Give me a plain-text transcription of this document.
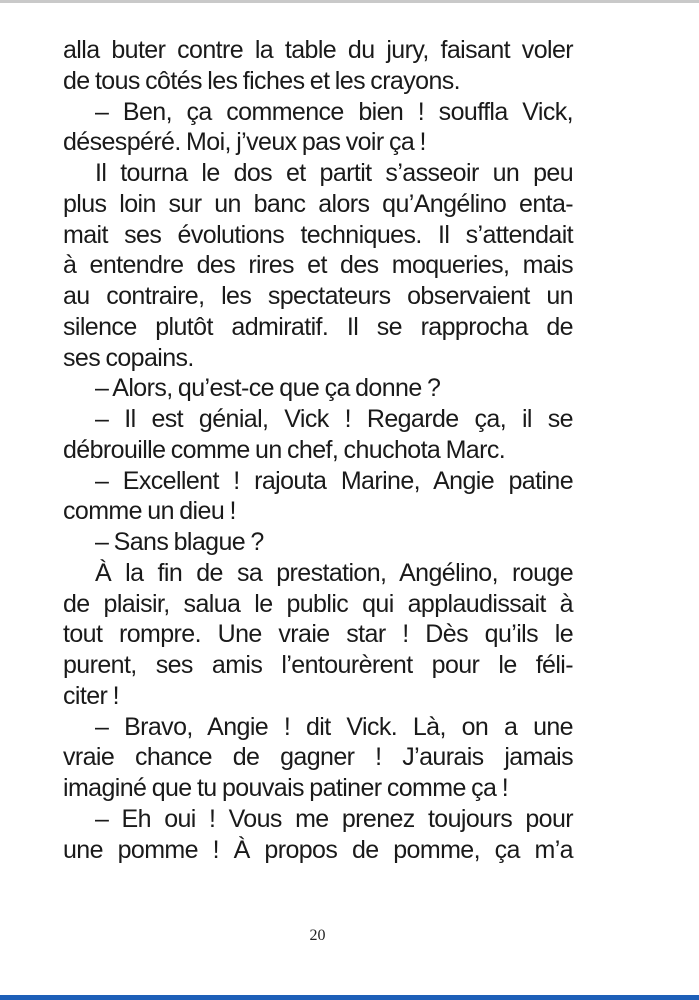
alla buter contre la table du jury, faisant voler
de tous côtés les fiches et les crayons.
– Ben, ça commence bien ! souffla Vick,
désespéré. Moi, j’veux pas voir ça !
Il tourna le dos et partit s’asseoir un peu
plus loin sur un banc alors qu’Angélino enta-
mait ses évolutions techniques. Il s’attendait
à entendre des rires et des moqueries, mais
au contraire, les spectateurs observaient un
silence plutôt admiratif. Il se rapprocha de
ses copains.
– Alors, qu’est-ce que ça donne ?
– Il est génial, Vick ! Regarde ça, il se
débrouille comme un chef, chuchota Marc.
– Excellent ! rajouta Marine, Angie patine
comme un dieu !
– Sans blague ?
À la fin de sa prestation, Angélino, rouge
de plaisir, salua le public qui applaudissait à
tout rompre. Une vraie star ! Dès qu’ils le
purent, ses amis l’entourèrent pour le féli-
citer !
– Bravo, Angie ! dit Vick. Là, on a une
vraie chance de gagner ! J’aurais jamais
imaginé que tu pouvais patiner comme ça !
– Eh oui ! Vous me prenez toujours pour
une pomme ! À propos de pomme, ça m’a
20
